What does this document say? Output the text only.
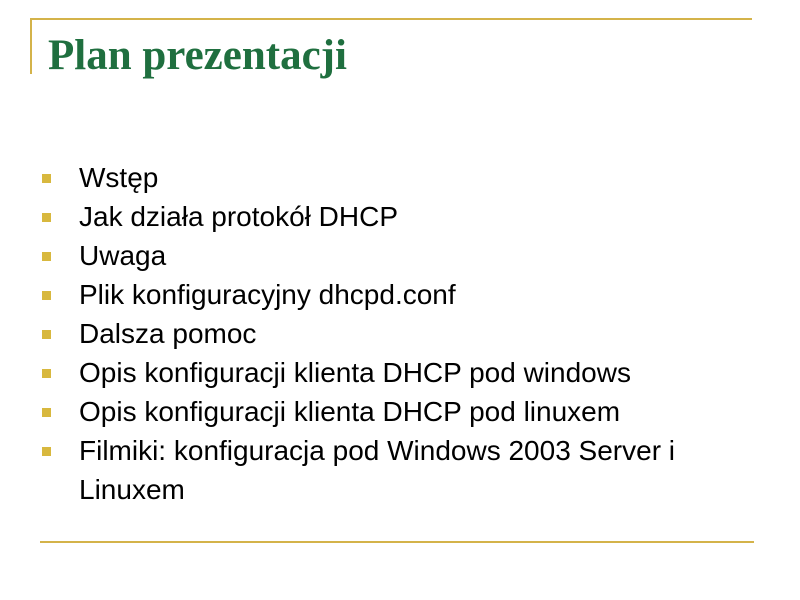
Plan prezentacji
Wstęp
Jak działa protokół DHCP
Uwaga
Plik konfiguracyjny dhcpd.conf
Dalsza pomoc
Opis konfiguracji klienta DHCP pod windows
Opis konfiguracji klienta DHCP pod linuxem
Filmiki: konfiguracja pod Windows 2003 Server i Linuxem
